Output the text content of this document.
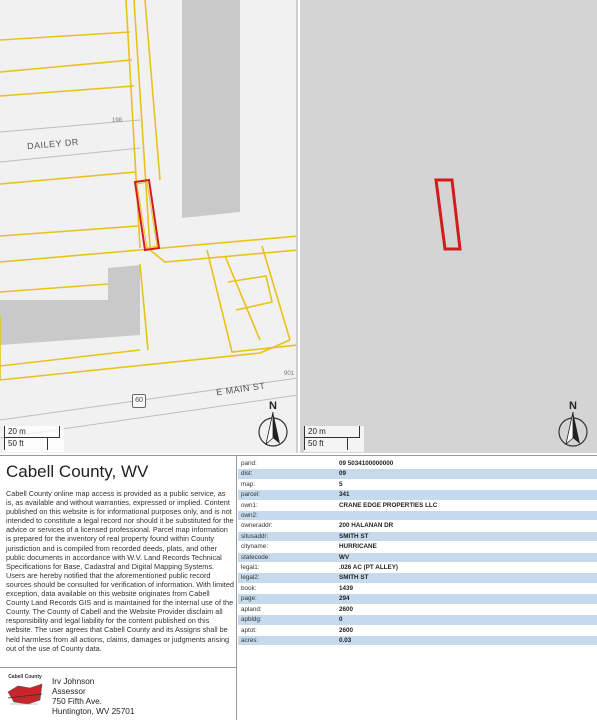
DAILEY DR
E MAIN ST
198
901
60
20 m
50 ft
N
20 m
50 ft
N
Cabell County, WV
Cabell County online map access is provided as a public service, as is, as available and without warranties, expressed or implied. Content published on this website is for informational purposes only, and is not intended to constitute a legal record nor should it be substituted for the advice or services of a licensed professional. Parcel map information is prepared for the inventory of real property found within County jurisdiction and is compiled from recorded deeds, plats, and other public documents in accordance with W.V. Land Records Technical Specifications for Base, Cadastral and Digital Mapping Systems. Users are hereby notified that the aforementioned public record sources should be consulted for verification of information. With limited exception, data available on this website originates from Cabell County Land Records GIS and is maintained for the internal use of the County. The County of Cabell and the Website Provider disclaim all responsibility and legal liability for the content published on this website. The user agrees that Cabell County and its Assigns shall be held harmless from all actions, claims, damages or judgments arising out of the use of County data.
Cabell County	Irv Johnson
Assessor
750 Fifth Ave.
Huntington, WV 25701
parid:	09 5034100000000
dist:	09
map:	5
parcel:	341
own1:	CRANE EDGE PROPERTIES LLC
own2:	
owneraddr:	200 HALANAN DR
situsaddr:	SMITH ST
cityname:	HURRICANE
statecode:	WV
legal1:	.026 AC (PT ALLEY)
legal2:	SMITH ST
book:	1439
page:	294
apland:	2600
apbldg:	0
aptot:	2600
acres:	0.03
